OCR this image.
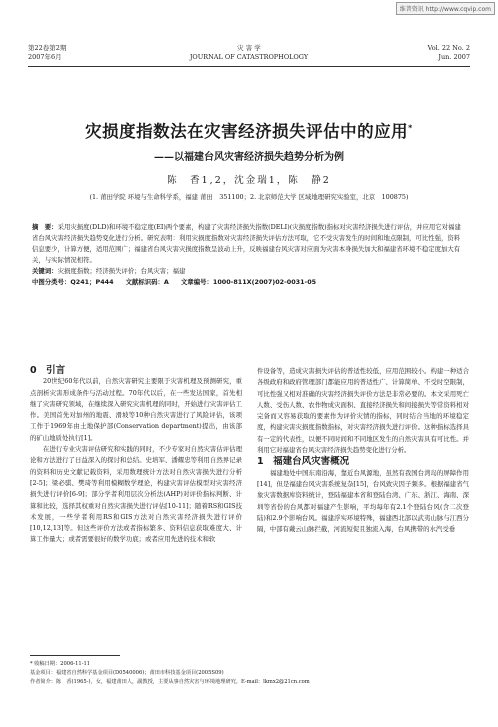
维普资讯 http://www.cqvip.com
第22卷第2期
2007年6月
灾 害 学
JOURNAL OF CATASTROPHOLOGY
Vol. 22 No. 2
Jun. 2007
灾损度指数法在灾害经济损失评估中的应用*
——以福建台风灾害经济损失趋势分析为例
陈　香1,2，沈金瑞1，陈　静2
(1. 莆田学院 环境与生命科学系，福建 莆田　351100；2. 北京师范大学 区域地理研究实验室，北京　100875)

摘　要：采用灾损度(DLD)和环境不稳定度(EI)两个要素，构建了灾害经济损失指数(DELI)(灾损度指数)指标对灾害经济损失进行评估，并应用它对福建省台风灾害经济损失趋势变化进行分析。研究表明：利用灾损度指数对灾害经济损失评估方法可取，它不受灾害发生的时间和地点限制，可比性强，资料信息要少，计算方便，适用范围广；福建省台风灾害灾损度指数呈波动上升，反映福建台风灾害对应面为灾害本身损失加大和福建省环境不稳定度加大有关，与实际情况相符。

关键词：灾损度指数；经济损失评价；台风灾害；福建

中图分类号：Q241；P444 文献标识码：A 文章编号：1000-811X(2007)02-0031-05

0　引言

20世纪60年代以前，自然灾害研究主要限于灾害机理及预测研究，重点剖析灾害形成条件与活动过程。70年代以后，在一些发达国家，首先相继了灾害研究领域，在继续深入研究灾害机理的同时，开始进行灾害评估工作。美国首先对加州的地震、滑坡等10种自然灾害进行了风险评估，该项工作于1969年由土地保护部(Conservation department)提出，由该部的矿山地质处执行[1]。

在进行专业灾害评估研究和实践的同时，不少专家对自然灾害估评估理论和方法进行了日益深入的探讨和总结。史培军、潘耀忠等利用自然界记录的资料和历史文献记载资料，采用数理统计方法对自然灾害损失进行分析[2-5]；梁必骐、樊琦等利用模糊数学理论，构建灾害评估模型对灾害经济损失进行评价[6-9]；部分学者利用层次分析法(AHP)对评价指标判断、计算和比较，选择其权重对自然灾害损失进行评估[10-11]；随着RS和GIS技术发展，一些学者利用RS和GIS方法对自然灾害经济损失进行评价[10,12,13]等。但这些评价方法或者指标繁多、资料信息获取难度大、计算工作量大；或者需要很好的数学功底；或者应用先进的技术和软

件设备等，造成灾害损失评估的普适性较低，应用范围较小。构建一种适合各级政府和政府管理部门都能应用的普适性广、计算简单、不受时空限制，可比性强又相对准确的灾害经济损失评价方法是非常必要的。本文采用死亡人数、受伤人数、农作物成灾面积、直接经济损失和间接损失等常资料相对完备而又容易获取的要素作为评价灾情的指标，同时结合当地的环境稳定度，构建灾害灾损度指数指标，对灾害经济损失进行评价。这种指标选择具有一定的代表性，以便不同时间和不同地区发生的自然灾害具有可比性。并利用它对福建省台风灾害经济损失趋势变化进行分析。

1　福建台风灾害概况

福建地处中国东南沿海，靠近台风源地，虽然有我国台湾岛的屏障作用[14]，但是福建台风灾害系统复杂[15]，台风致灾因子频多。根据福建省气象灾害数据库资料统计，登陆福建本省和登陆台湾、广东、浙江、海南、深圳等省份的台风都对福建产生影响，平均每年有2.1个登陆台风(含二次登陆)和2.9个影响台风。福建浮实环境特殊，福建西北部以武夷山脉与江西分隔，中部有戴云山脉拦截，河流短促且独流入海，台风携带的水汽受垂

* 收稿日期：2006-11-11
基金项目：福建省自然科学基金项目(D0540006)；莆田市科技基金项目(2005S09)
作者简介：陈　香(1965-)，女，福建莆田人，副教授，主要从事自然灾害与环境地理研究。E-mail：lkmx2@21cn.com
